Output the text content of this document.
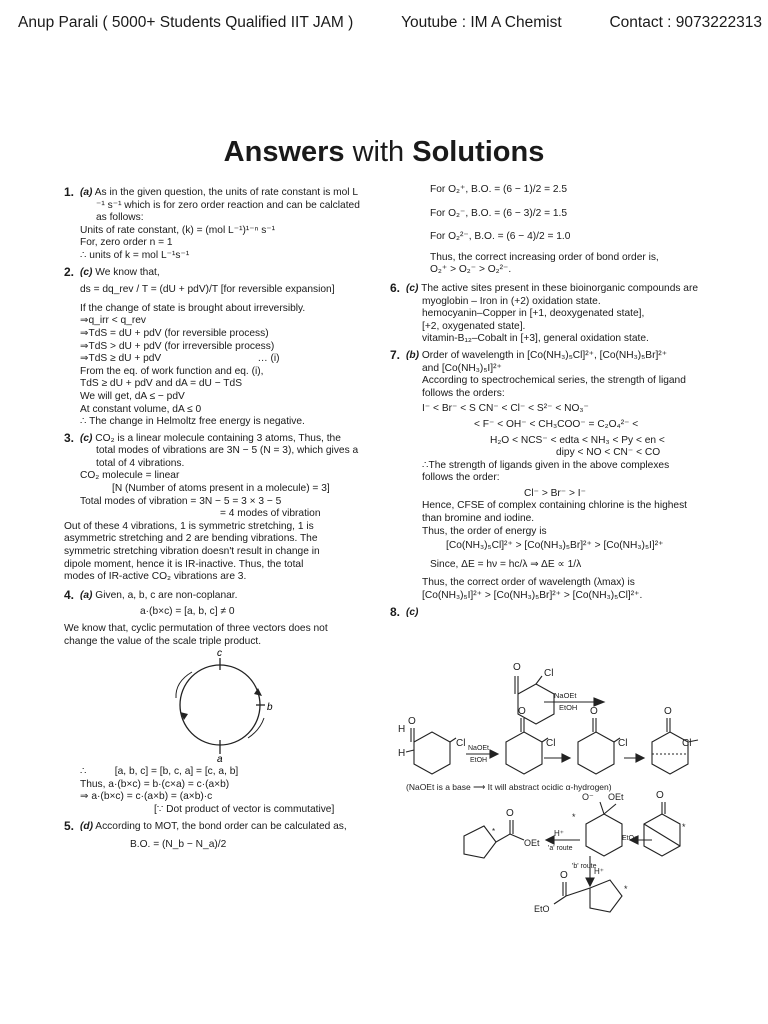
Anup Parali ( 5000+ Students Qualified IIT JAM )	Youtube : IM A Chemist	Contact : 9073222313
Answers with Solutions
1. (a) As in the given question, the units of rate constant is mol L
⁻¹ s⁻¹ which is for zero order reaction and can be calclated
as follows:
Units of rate constant, (k) = (mol L⁻¹)¹⁻ⁿ s⁻¹
For, zero order n = 1
∴ units of k = mol L⁻¹s⁻¹
2. (c) We know that,
ds = dq_rev / T = (dU + pdV)/T [for reversible expansion]
If the change of state is brought about irreversibly.
⇒q_irr < q_rev
⇒TdS = dU + pdV (for reversible process)
⇒TdS > dU + pdV (for irreversible process)
⇒TdS ≥ dU + pdV                                  … (i)
From the eq. of work function and eq. (i),
TdS ≥ dU + pdV and dA = dU − TdS
We will get, dA ≤ − pdV
At constant volume, dA ≤ 0
∴ The change in Helmoltz free energy is negative.
3. (c) CO₂ is a linear molecule containing 3 atoms, Thus, the
total modes of vibrations are 3N − 5 (N = 3), which gives a
total of 4 vibrations.
CO₂ molecule = linear
[N (Number of atoms present in a molecule) = 3]
Total modes of vibration = 3N − 5 = 3 × 3 − 5
= 4 modes of vibration
Out of these 4 vibrations, 1 is symmetric stretching, 1 is
asymmetric stretching and 2 are bending vibrations. The
symmetric stretching vibration doesn't result in change in
dipole moment, hence it is IR-inactive. Thus, the total
modes of IR-active CO₂ vibrations are 3.
4. (a) Given, a, b, c are non-coplanar.
a·(b×c) = [a, b, c] ≠ 0
We know that, cyclic permutation of three vectors does not
change the value of the scale triple product.
c
b
a
∴          [a, b, c] = [b, c, a] = [c, a, b]
Thus, a·(b×c) = b·(c×a) = c·(a×b)
⇒ a·(b×c) = c·(a×b) = (a×b)·c
[∵ Dot product of vector is commutative]
5. (d) According to MOT, the bond order can be calculated as,
B.O. = (N_b − N_a)/2
For O₂⁺, B.O. = (6 − 1)/2 = 2.5
For O₂⁻, B.O. = (6 − 3)/2 = 1.5
For O₂²⁻, B.O. = (6 − 4)/2 = 1.0
Thus, the correct increasing order of bond order is,
O₂⁺ > O₂⁻ > O₂²⁻.
6. (c) The active sites present in these bioinorganic compounds are
myoglobin – Iron in (+2) oxidation state.
hemocyanin–Copper in [+1, deoxygenated state],
[+2, oxygenated state].
vitamin-B₁₂–Cobalt in [+3], general oxidation state.
7. (b) Order of wavelength in [Co(NH₃)₅Cl]²⁺, [Co(NH₃)₅Br]²⁺
and [Co(NH₃)₅I]²⁺
According to spectrochemical series, the strength of ligand
follows the orders:
I⁻ < Br⁻ < S CN⁻ < Cl⁻ < S²⁻ < NO₃⁻
< F⁻ < OH⁻ < CH₃COO⁻ = C₂O₄²⁻ <
H₂O < NCS⁻ < edta < NH₃ < Py < en <
dipy < NO < CN⁻ < CO
∴The strength of ligands given in the above complexes
follows the order:
Cl⁻ > Br⁻ > I⁻
Hence, CFSE of complex containing chlorine is the highest
than bromine and iodine.
Thus, the order of energy is
[Co(NH₃)₅Cl]²⁺ > [Co(NH₃)₅Br]²⁺ > [Co(NH₃)₅I]²⁺
Since, ΔE = hν = hc/λ ⇒ ΔE ∝ 1/λ
Thus, the correct order of wavelength (λmax) is
[Co(NH₃)₅I]²⁺ > [Co(NH₃)₅Br]²⁺ > [Co(NH₃)₅Cl]²⁺.
8. (c)
O
Cl
NaOEt
EtOH
O
H
H
Cl NaOEt
EtOH
O
Cl
O
Cl
O
Cl
(NaOEt is a base ⟶ It will abstract ocidic α-hydrogen)
O
OEt
*	H⁺
'a' route
O⁻ OEt
*
EtO⁻
O
*
'b' route
H⁺
O
EtO
*
